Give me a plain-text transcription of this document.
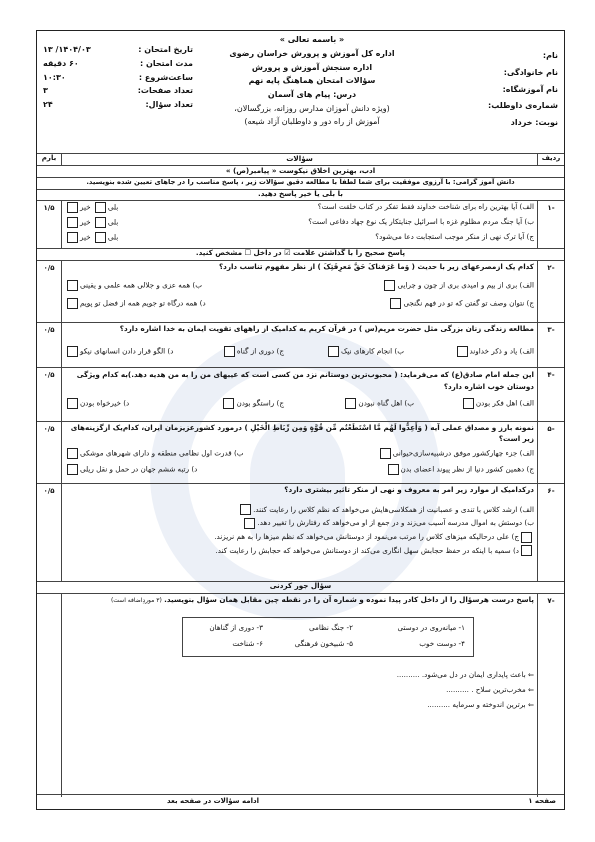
« باسمه تعالی »
اداره کل آموزش و پرورش خراسان رضوی
اداره سنجش آموزش و پرورش
سؤالات امتحان هماهنگ پایه نهم
درس: پیام های آسمان
(ویژه دانش آموزان مدارس روزانه، بزرگسالان،
آموزش از راه دور و داوطلبان آزاد شیعه)
تاریخ امتحان :
۱۴۰۴/۰۳/ ۱۳
مدت امتحان :
۶۰ دقیقه
ساعت‌شروع :
۱۰:۳۰
تعداد صفحات:
۳
تعداد سؤال:
۲۴
نام:
نام خانوادگی:
نام آموزشگاه:
شماره‌ی داوطلب:
نوبت: خرداد
ردیف
سؤالات
بارم
ادب، بهترین اخلاق نیکوست « پیامبر(ص) »
دانش آموز گرامی: با آرزوی موفقیت برای شما لطفاً با مطالعه دقیق سؤالات زیر ، پاسخ مناسب را در جاهای تعیین شده بنویسید.
با بلی یا خیر پاسخ دهید.
-۱
۱/۵	الف) آیا بهترین راه برای شناخت خداوند فقط تفکر در کتاب خلقت است؟
بلی خیر
ب) آیا جنگ مردم مظلوم غزه با اسرائیل جنایتکار یک نوع جهاد دفاعی است؟
بلی خیر
ج) آیا ترک نهی از منکر موجب استجابت دعا می‌شود؟
بلی خیر
پاسخ صحیح را با گذاشتن علامت ☑ در داخل ☐ مشخص کنید.
-۲
۰/۵	کدام یک ازمصرعهای زیر با حدیث ( وَما عَرَفناکَ حَقَّ مَعرِفَتِکَ ) از نظر مفهوم تناسب دارد؟
الف) بری از بیم و امیدی بری از چون و چرایی
ب) همه عزی و جلالی همه علمی و یقینی
ج) نتوان وصف تو گفتن که تو در فهم نگنجی
د) همه درگاه تو جویم همه از فضل تو پویم
-۳
۰/۵	مطالعه زندگی زنان بزرگی مثل حضرت مریم(س ) در قرآن کریم به کدامیک از راههای تقویت ایمان به خدا اشاره دارد؟
الف) یاد و ذکر خداوند
ب) انجام کارهای نیک
ج) دوری از گناه
د) الگو قرار دادن انسانهای نیکو
-۴
۰/۵	این جمله امام صادق(ع) که می‌فرماید: ( محبوب‌ترین دوستانم نزد من کسی است که عیبهای من را به من هدیه دهد.)به کدام ویژگی دوستان خوب اشاره دارد؟
الف) اهل فکر بودن
ب) اهل گناه نبودن
ج) راستگو بودن
د) خیرخواه بودن
-۵
۰/۵	نمونه بارز و مصداق عملی آیه ( وَأَعِدُّوا لَهُم مَّا اسْتَطَعْتُم مِّن قُوَّةٍ وَمِن رِّبَاطِ الْخَيْلِ ) درمورد کشورعزیزمان ایران، کدام‌یک ازگزینه‌های زیر است؟
الف) جزء چهارکشور موفق درشبیه‌سازی‌حیوانی
ب) قدرت اول نظامی منطقه و دارای شهرهای موشکی
ج) دهمین کشور دنیا از نظر پیوند اعضای بدن
د) رتبه ششم جهان در حمل و نقل ریلی
-۶
۰/۵	درکدامیک از موارد زیر امر به معروف و نهی از منکر تاثیر بیشتری دارد؟
الف) ارشد کلاس با تندی و عصبانیت از همکلاسی‌هایش می‌خواهد که نظم کلاس را رعایت کنند.
ب) دوستش به اموال مدرسه آسیب می‌زند و در جمع از او می‌خواهد که رفتارش را تغییر دهد.
ج) علی درحالیکه میزهای کلاس را مرتب می‌نمود از دوستانش می‌خواهد که نظم میزها را به هم نریزند.
د) سمیه با اینکه در حفظ حجابش سهل انگاری می‌کند از دوستانش می‌خواهد که حجابش را رعایت کند.
سؤال جور کردنی
-۷
پاسخ درست هرسؤال را از داخل کادر پیدا نموده و شماره آن را در نقطه چین مقابل همان سؤال بنویسید. (۳ موردِاضافه است)
۱- میانه‌روی در دوستی
۲- جنگ نظامی
۳- دوری از گناهان
۴- دوست خوب
۵- شبیخون فرهنگی
۶- شناخت
⇐ باعث پایداری ایمان در دل می‌شود. ..........
⇐ مخرب‌ترین سلاح . ..........
⇐ برترین اندوخته و سرمایه ..........
صفحه ۱
ادامه سؤالات در صفحه بعد
